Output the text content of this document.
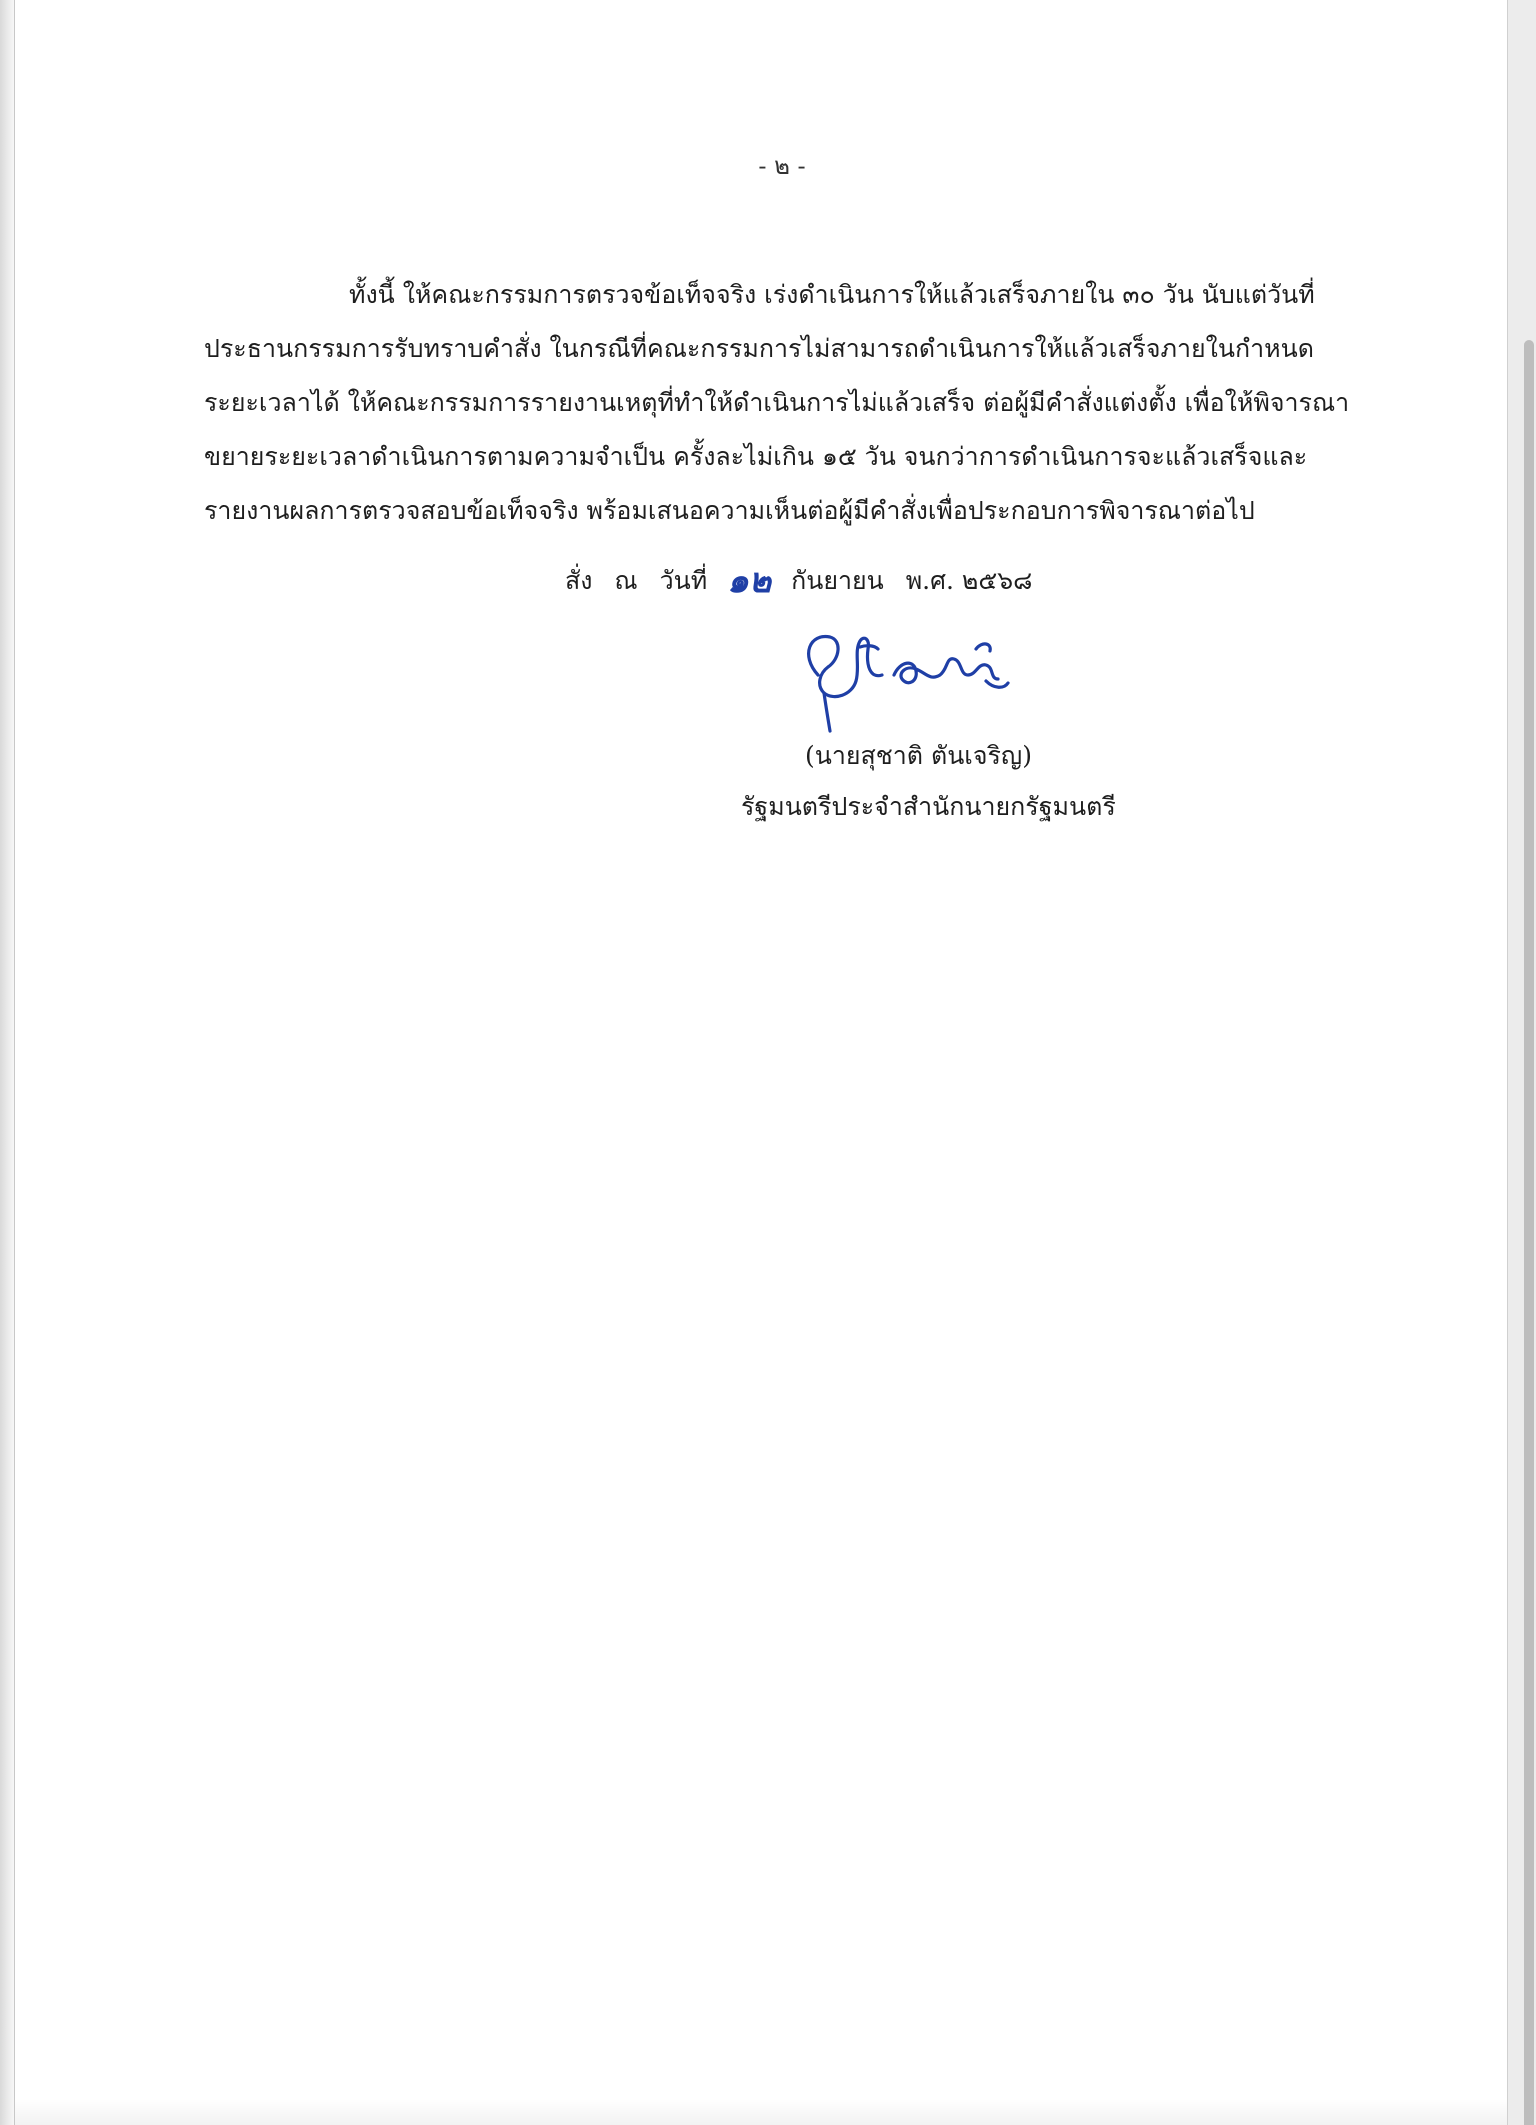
- ๒ -

ทั้งนี้ ให้คณะกรรมการตรวจข้อเท็จจริง เร่งดำเนินการให้แล้วเสร็จภายใน ๓๐ วัน นับแต่วันที่
ประธานกรรมการรับทราบคำสั่ง ในกรณีที่คณะกรรมการไม่สามารถดำเนินการให้แล้วเสร็จภายในกำหนด
ระยะเวลาได้ ให้คณะกรรมการรายงานเหตุที่ทำให้ดำเนินการไม่แล้วเสร็จ ต่อผู้มีคำสั่งแต่งตั้ง เพื่อให้พิจารณา
ขยายระยะเวลาดำเนินการตามความจำเป็น ครั้งละไม่เกิน ๑๕ วัน จนกว่าการดำเนินการจะแล้วเสร็จและ
รายงานผลการตรวจสอบข้อเท็จจริง พร้อมเสนอความเห็นต่อผู้มีคำสั่งเพื่อประกอบการพิจารณาต่อไป

สั่ง ณ วันที่ ๑๒ กันยายน พ.ศ. ๒๕๖๘
(นายสุชาติ ตันเจริญ)
รัฐมนตรีประจำสำนักนายกรัฐมนตรี
